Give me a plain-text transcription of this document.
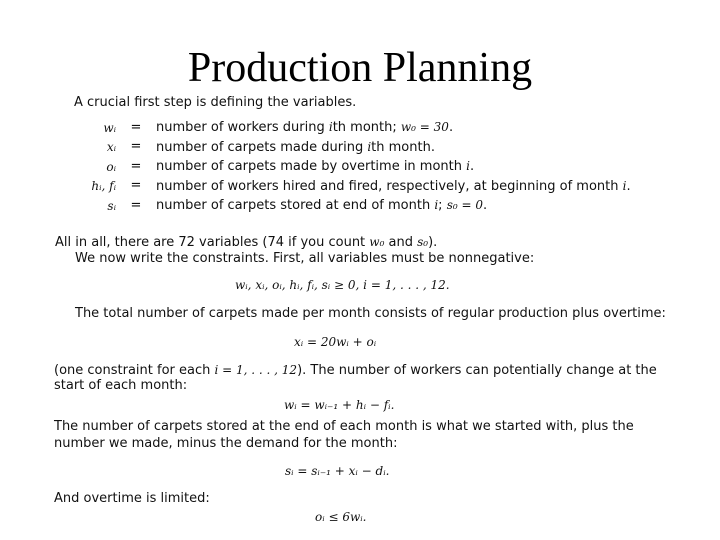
Production Planning
A crucial first step is defining the variables.
wᵢ	=	number of workers during ith month; w₀ = 30.
xᵢ	=	number of carpets made during ith month.
oᵢ	=	number of carpets made by overtime in month i.
hᵢ, fᵢ	=	number of workers hired and fired, respectively, at beginning of month i.
sᵢ	=	number of carpets stored at end of month i; s₀ = 0.
All in all, there are 72 variables (74 if you count w₀ and s₀).
We now write the constraints. First, all variables must be nonnegative:
wᵢ, xᵢ, oᵢ, hᵢ, fᵢ, sᵢ ≥ 0, i = 1, . . . , 12.
The total number of carpets made per month consists of regular production plus overtime:
xᵢ = 20wᵢ + oᵢ
(one constraint for each i = 1, . . . , 12). The number of workers can potentially change at the
start of each month:
wᵢ = wᵢ₋₁ + hᵢ − fᵢ.
The number of carpets stored at the end of each month is what we started with, plus the
number we made, minus the demand for the month:
sᵢ = sᵢ₋₁ + xᵢ − dᵢ.
And overtime is limited:
oᵢ ≤ 6wᵢ.
